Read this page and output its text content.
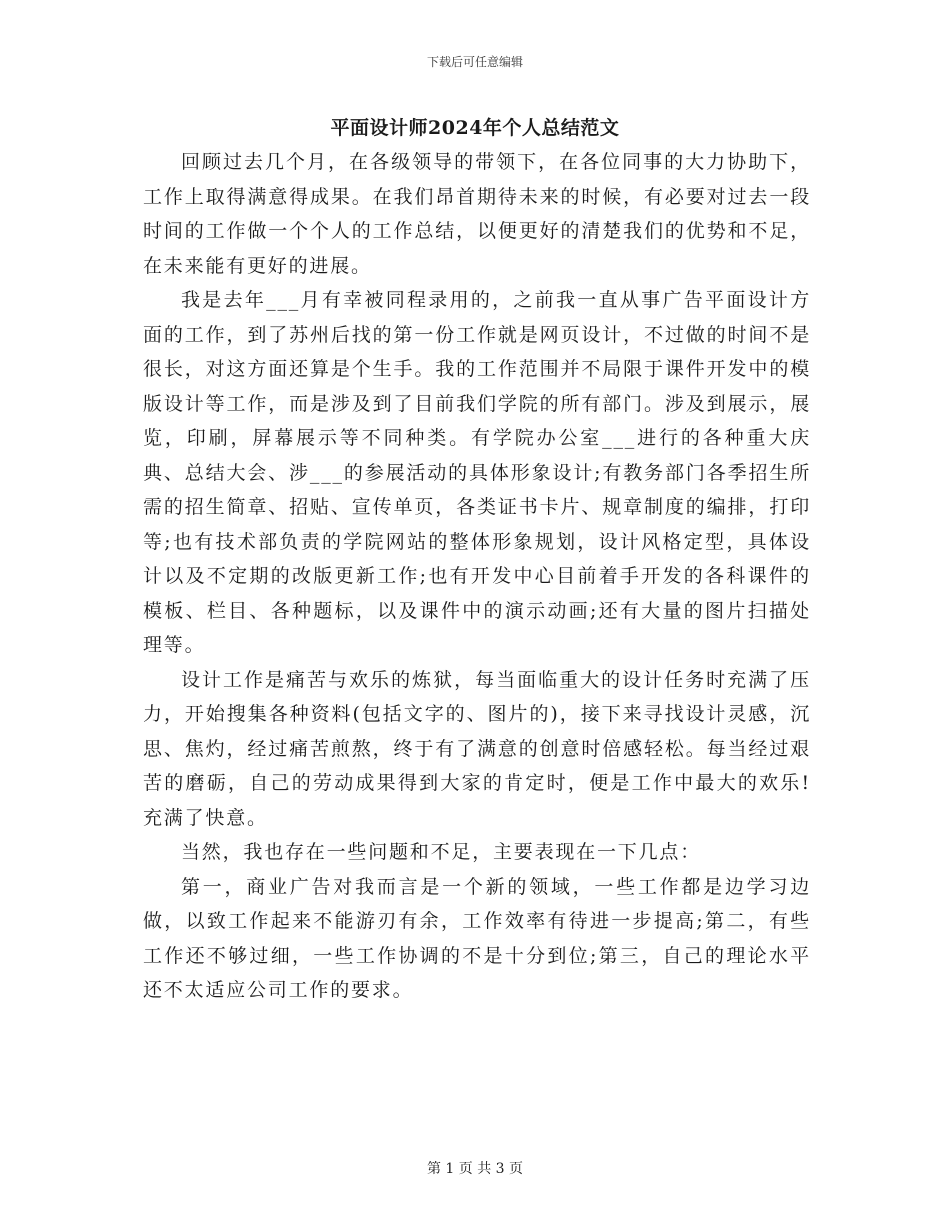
下载后可任意编辑
平面设计师2024年个人总结范文

回顾过去几个月，在各级领导的带领下，在各位同事的大力协助下，工作上取得满意得成果。在我们昂首期待未来的时候，有必要对过去一段时间的工作做一个个人的工作总结，以便更好的清楚我们的优势和不足，在未来能有更好的进展。

我是去年___月有幸被同程录用的，之前我一直从事广告平面设计方面的工作，到了苏州后找的第一份工作就是网页设计，不过做的时间不是很长，对这方面还算是个生手。我的工作范围并不局限于课件开发中的模版设计等工作，而是涉及到了目前我们学院的所有部门。涉及到展示，展览，印刷，屏幕展示等不同种类。有学院办公室___进行的各种重大庆典、总结大会、涉___的参展活动的具体形象设计;有教务部门各季招生所需的招生简章、招贴、宣传单页，各类证书卡片、规章制度的编排，打印等;也有技术部负责的学院网站的整体形象规划，设计风格定型，具体设计以及不定期的改版更新工作;也有开发中心目前着手开发的各科课件的模板、栏目、各种题标，以及课件中的演示动画;还有大量的图片扫描处理等。

设计工作是痛苦与欢乐的炼狱，每当面临重大的设计任务时充满了压力，开始搜集各种资料(包括文字的、图片的)，接下来寻找设计灵感，沉思、焦灼，经过痛苦煎熬，终于有了满意的创意时倍感轻松。每当经过艰苦的磨砺，自己的劳动成果得到大家的肯定时，便是工作中最大的欢乐!充满了快意。

当然，我也存在一些问题和不足，主要表现在一下几点：

第一，商业广告对我而言是一个新的领域，一些工作都是边学习边做，以致工作起来不能游刃有余，工作效率有待进一步提高;第二，有些工作还不够过细，一些工作协调的不是十分到位;第三，自己的理论水平还不太适应公司工作的要求。

第 1 页 共 3 页
